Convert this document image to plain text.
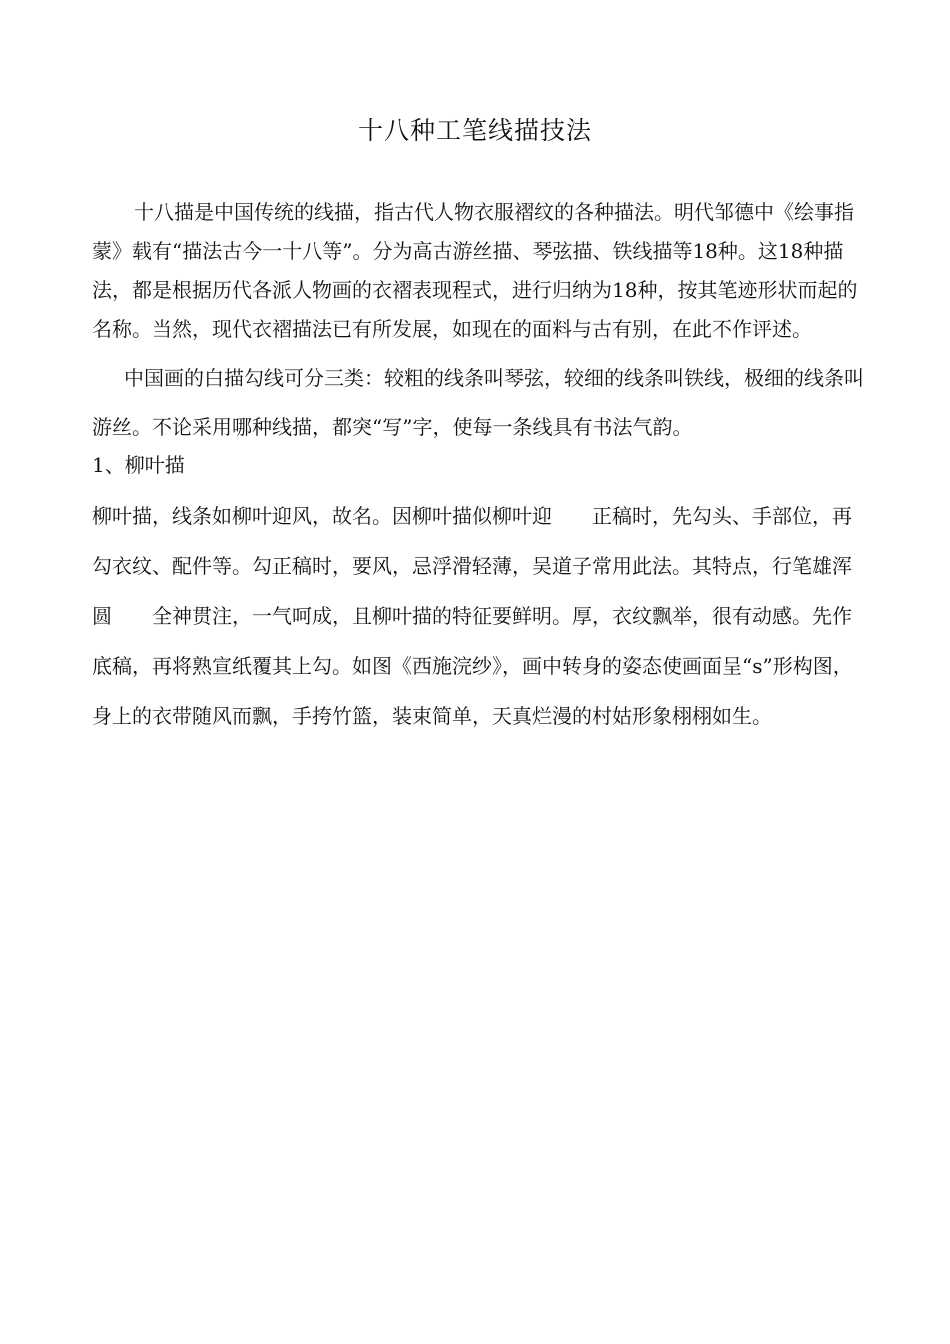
十八种工笔线描技法

十八描是中国传统的线描，指古代人物衣服褶纹的各种描法。明代邹德中《绘事指蒙》载有“描法古今一十八等”。分为高古游丝描、琴弦描、铁线描等18种。这18种描法，都是根据历代各派人物画的衣褶表现程式，进行归纳为18种，按其笔迹形状而起的名称。当然，现代衣褶描法已有所发展，如现在的面料与古有别，在此不作评述。

中国画的白描勾线可分三类：较粗的线条叫琴弦，较细的线条叫铁线，极细的线条叫游丝。不论采用哪种线描，都突“写”字，使每一条线具有书法气韵。

1、柳叶描

柳叶描，线条如柳叶迎风，故名。因柳叶描似柳叶迎　　正稿时，先勾头、手部位，再勾衣纹、配件等。勾正稿时，要风，忌浮滑轻薄，吴道子常用此法。其特点，行笔雄浑圆　　全神贯注，一气呵成，且柳叶描的特征要鲜明。厚，衣纹飘举，很有动感。先作底稿，再将熟宣纸覆其上勾。如图《西施浣纱》，画中转身的姿态使画面呈“s”形构图，身上的衣带随风而飘，手挎竹篮，装束简单，天真烂漫的村姑形象栩栩如生。
